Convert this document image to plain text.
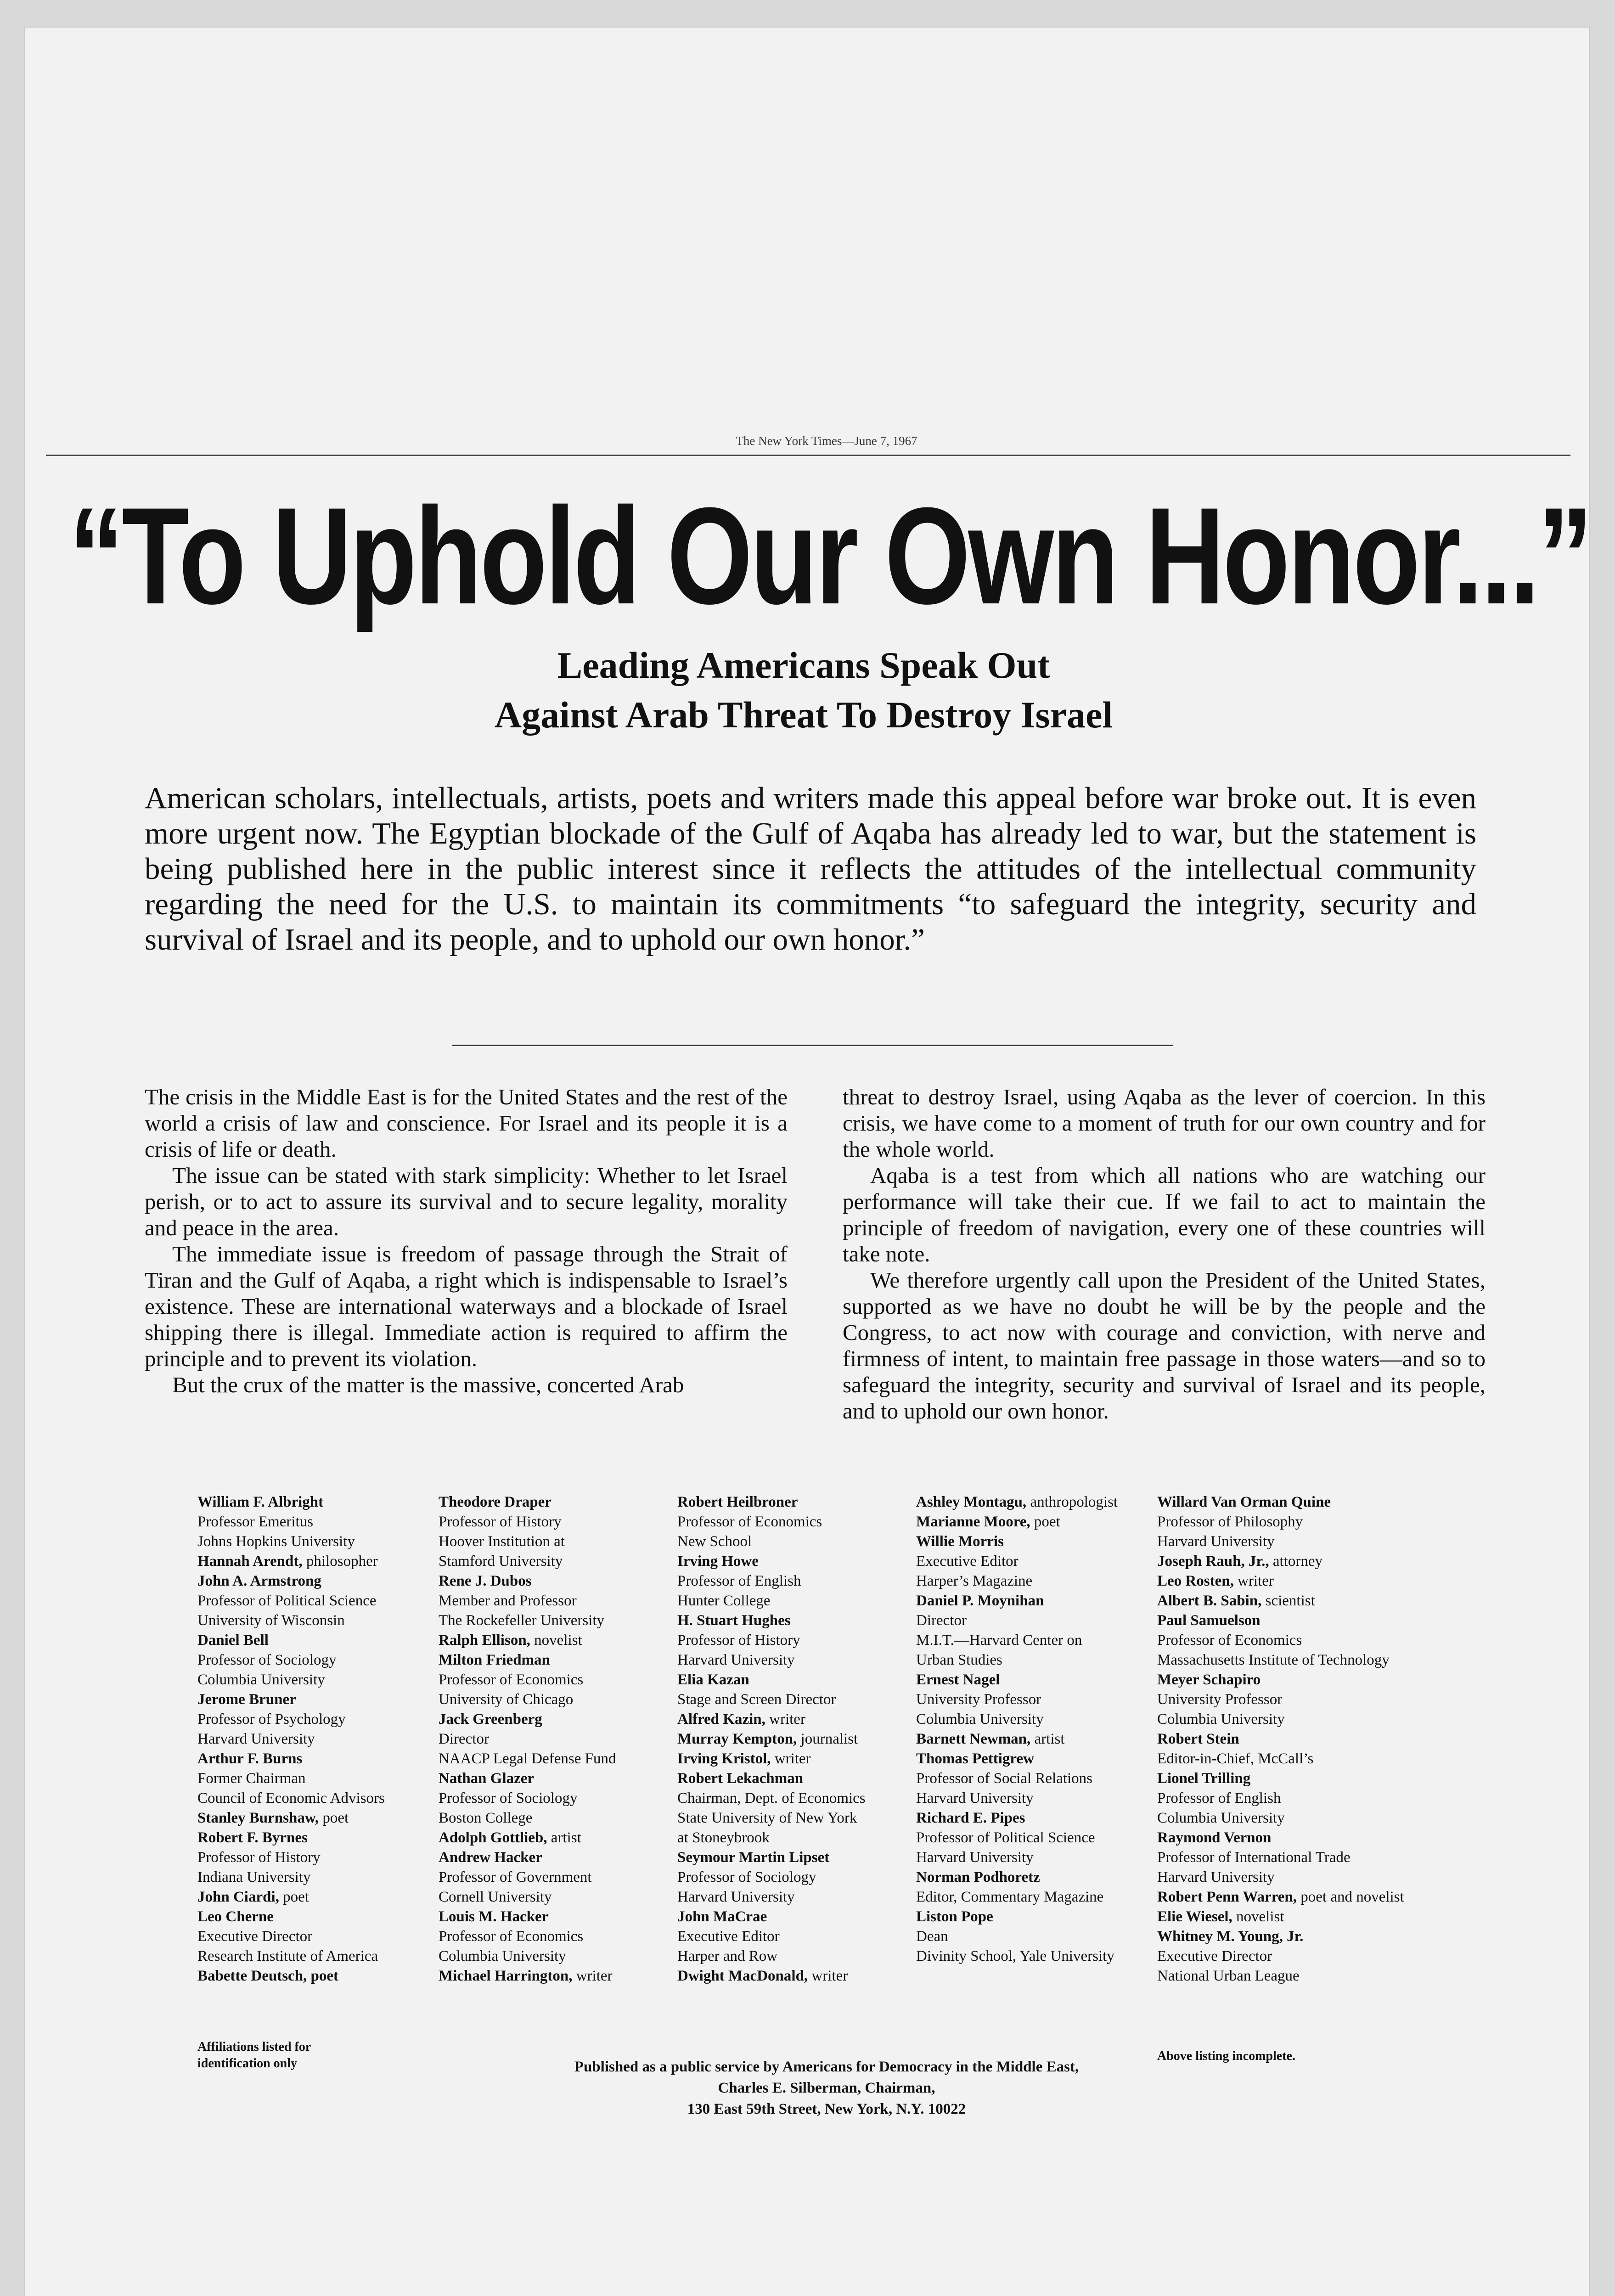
The New York Times—June 7, 1967
“To Uphold Our Own Honor...”
Leading Americans Speak Out
Against Arab Threat To Destroy Israel
American scholars, intellectuals, artists, poets and writers made this appeal before war broke out. It is even more urgent now. The Egyptian blockade of the Gulf of Aqaba has already led to war, but the statement is being published here in the public interest since it reflects the attitudes of the intellectual community regarding the need for the U.S. to maintain its commitments “to safeguard the integrity, security and survival of Israel and its people, and to uphold our own honor.”

The crisis in the Middle East is for the United States and the rest of the world a crisis of law and conscience. For Israel and its people it is a crisis of life or death.

The issue can be stated with stark simplicity: Whether to let Israel perish, or to act to assure its survival and to secure legality, morality and peace in the area.

The immediate issue is freedom of passage through the Strait of Tiran and the Gulf of Aqaba, a right which is indispensable to Israel’s existence. These are international waterways and a blockade of Israel shipping there is illegal. Immediate action is required to affirm the principle and to prevent its violation.

But the crux of the matter is the massive, concerted Arab

threat to destroy Israel, using Aqaba as the lever of coercion. In this crisis, we have come to a moment of truth for our own country and for the whole world.

Aqaba is a test from which all nations who are watching our performance will take their cue. If we fail to act to maintain the principle of freedom of navigation, every one of these countries will take note.

We therefore urgently call upon the President of the United States, supported as we have no doubt he will be by the people and the Congress, to act now with courage and conviction, with nerve and firmness of intent, to maintain free passage in those waters—and so to safeguard the integrity, security and survival of Israel and its people, and to uphold our own honor.

William F. Albright
Professor Emeritus
Johns Hopkins University
Hannah Arendt, philosopher
John A. Armstrong
Professor of Political Science
University of Wisconsin
Daniel Bell
Professor of Sociology
Columbia University
Jerome Bruner
Professor of Psychology
Harvard University
Arthur F. Burns
Former Chairman
Council of Economic Advisors
Stanley Burnshaw, poet
Robert F. Byrnes
Professor of History
Indiana University
John Ciardi, poet
Leo Cherne
Executive Director
Research Institute of America
Babette Deutsch, poet
Theodore Draper
Professor of History
Hoover Institution at
Stamford University
Rene J. Dubos
Member and Professor
The Rockefeller University
Ralph Ellison, novelist
Milton Friedman
Professor of Economics
University of Chicago
Jack Greenberg
Director
NAACP Legal Defense Fund
Nathan Glazer
Professor of Sociology
Boston College
Adolph Gottlieb, artist
Andrew Hacker
Professor of Government
Cornell University
Louis M. Hacker
Professor of Economics
Columbia University
Michael Harrington, writer
Robert Heilbroner
Professor of Economics
New School
Irving Howe
Professor of English
Hunter College
H. Stuart Hughes
Professor of History
Harvard University
Elia Kazan
Stage and Screen Director
Alfred Kazin, writer
Murray Kempton, journalist
Irving Kristol, writer
Robert Lekachman
Chairman, Dept. of Economics
State University of New York
at Stoneybrook
Seymour Martin Lipset
Professor of Sociology
Harvard University
John MaCrae
Executive Editor
Harper and Row
Dwight MacDonald, writer
Ashley Montagu, anthropologist
Marianne Moore, poet
Willie Morris
Executive Editor
Harper’s Magazine
Daniel P. Moynihan
Director
M.I.T.—Harvard Center on
Urban Studies
Ernest Nagel
University Professor
Columbia University
Barnett Newman, artist
Thomas Pettigrew
Professor of Social Relations
Harvard University
Richard E. Pipes
Professor of Political Science
Harvard University
Norman Podhoretz
Editor, Commentary Magazine
Liston Pope
Dean
Divinity School, Yale University
Willard Van Orman Quine
Professor of Philosophy
Harvard University
Joseph Rauh, Jr., attorney
Leo Rosten, writer
Albert B. Sabin, scientist
Paul Samuelson
Professor of Economics
Massachusetts Institute of Technology
Meyer Schapiro
University Professor
Columbia University
Robert Stein
Editor-in-Chief, McCall’s
Lionel Trilling
Professor of English
Columbia University
Raymond Vernon
Professor of International Trade
Harvard University
Robert Penn Warren, poet and novelist
Elie Wiesel, novelist
Whitney M. Young, Jr.
Executive Director
National Urban League
Affiliations listed for identification only
Above listing incomplete.
Published as a public service by Americans for Democracy in the Middle East,
Charles E. Silberman, Chairman,
130 East 59th Street, New York, N.Y. 10022
